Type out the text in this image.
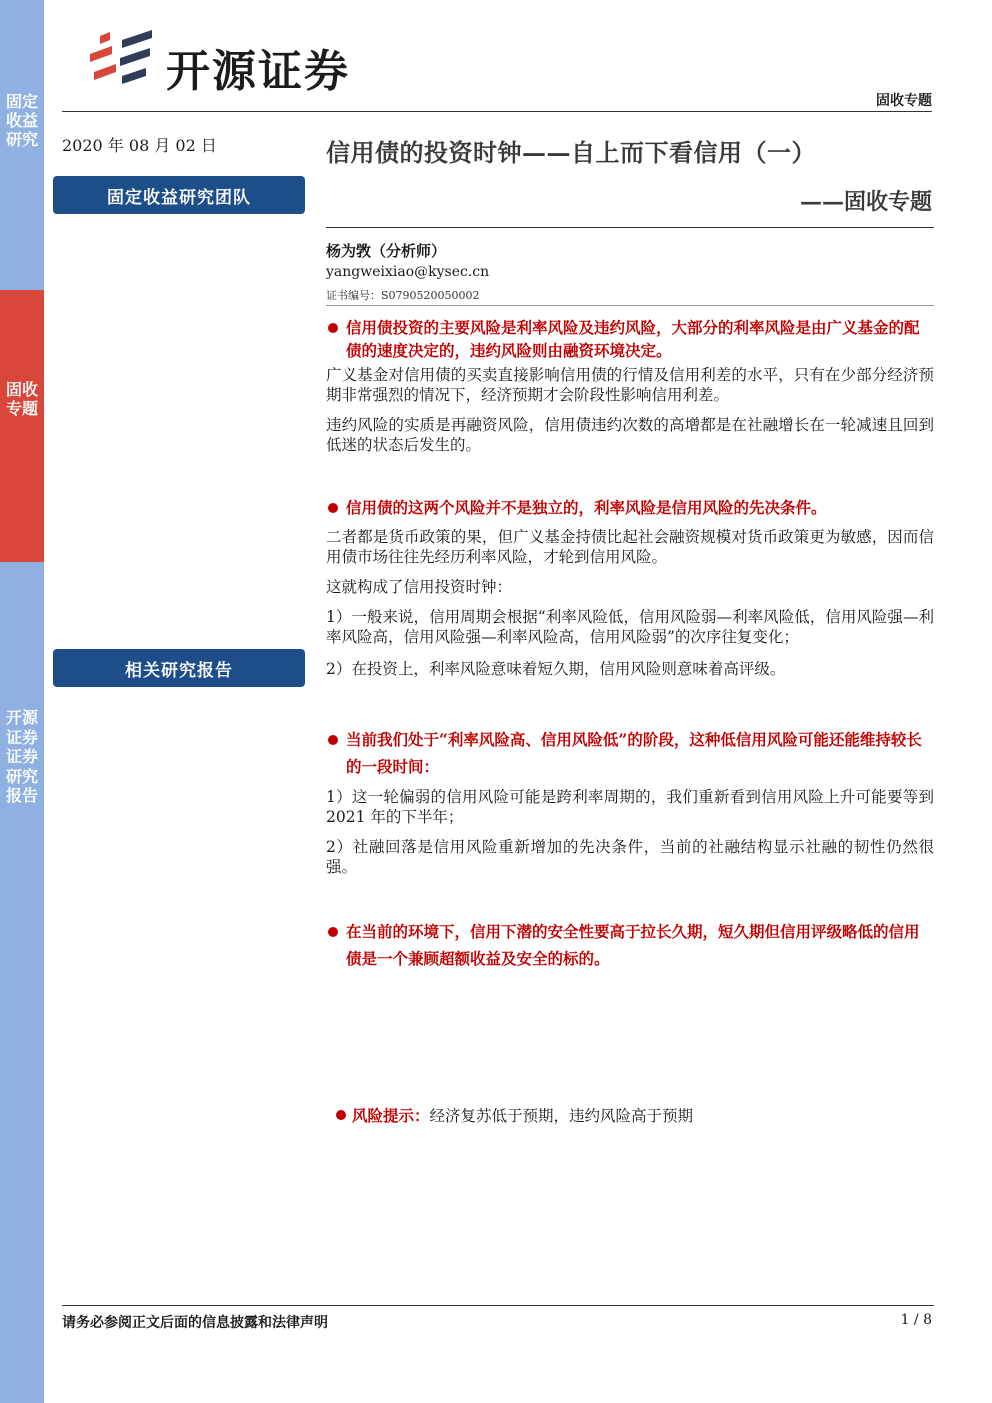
固定收益研究
固收专题
开源证券 证券研究报告
开源证券
固收专题
2020 年 08 月 02 日	信用债的投资时钟——自上而下看信用（一）
——固收专题
固定收益研究团队
杨为敩（分析师）
yangweixiao@kysec.cn
证书编号：S0790520050002
信用债投资的主要风险是利率风险及违约风险，大部分的利率风险是由广义基金的配债的速度决定的，违约风险则由融资环境决定。
广义基金对信用债的买卖直接影响信用债的行情及信用利差的水平，只有在少部分经济预期非常强烈的情况下，经济预期才会阶段性影响信用利差。
违约风险的实质是再融资风险，信用债违约次数的高增都是在社融增长在一轮减速且回到低迷的状态后发生的。
信用债的这两个风险并不是独立的，利率风险是信用风险的先决条件。
二者都是货币政策的果，但广义基金持债比起社会融资规模对货币政策更为敏感，因而信用债市场往往先经历利率风险，才轮到信用风险。
这就构成了信用投资时钟：
1）一般来说，信用周期会根据“利率风险低，信用风险弱—利率风险低，信用风险强—利率风险高，信用风险强—利率风险高，信用风险弱”的次序往复变化；
2）在投资上，利率风险意味着短久期，信用风险则意味着高评级。
相关研究报告
当前我们处于“利率风险高、信用风险低”的阶段，这种低信用风险可能还能维持较长的一段时间：
1）这一轮偏弱的信用风险可能是跨利率周期的，我们重新看到信用风险上升可能要等到 2021 年的下半年；
2）社融回落是信用风险重新增加的先决条件，当前的社融结构显示社融的韧性仍然很强。
在当前的环境下，信用下潜的安全性要高于拉长久期，短久期但信用评级略低的信用债是一个兼顾超额收益及安全的标的。
风险提示：经济复苏低于预期，违约风险高于预期
请务必参阅正文后面的信息披露和法律声明	1 / 8
